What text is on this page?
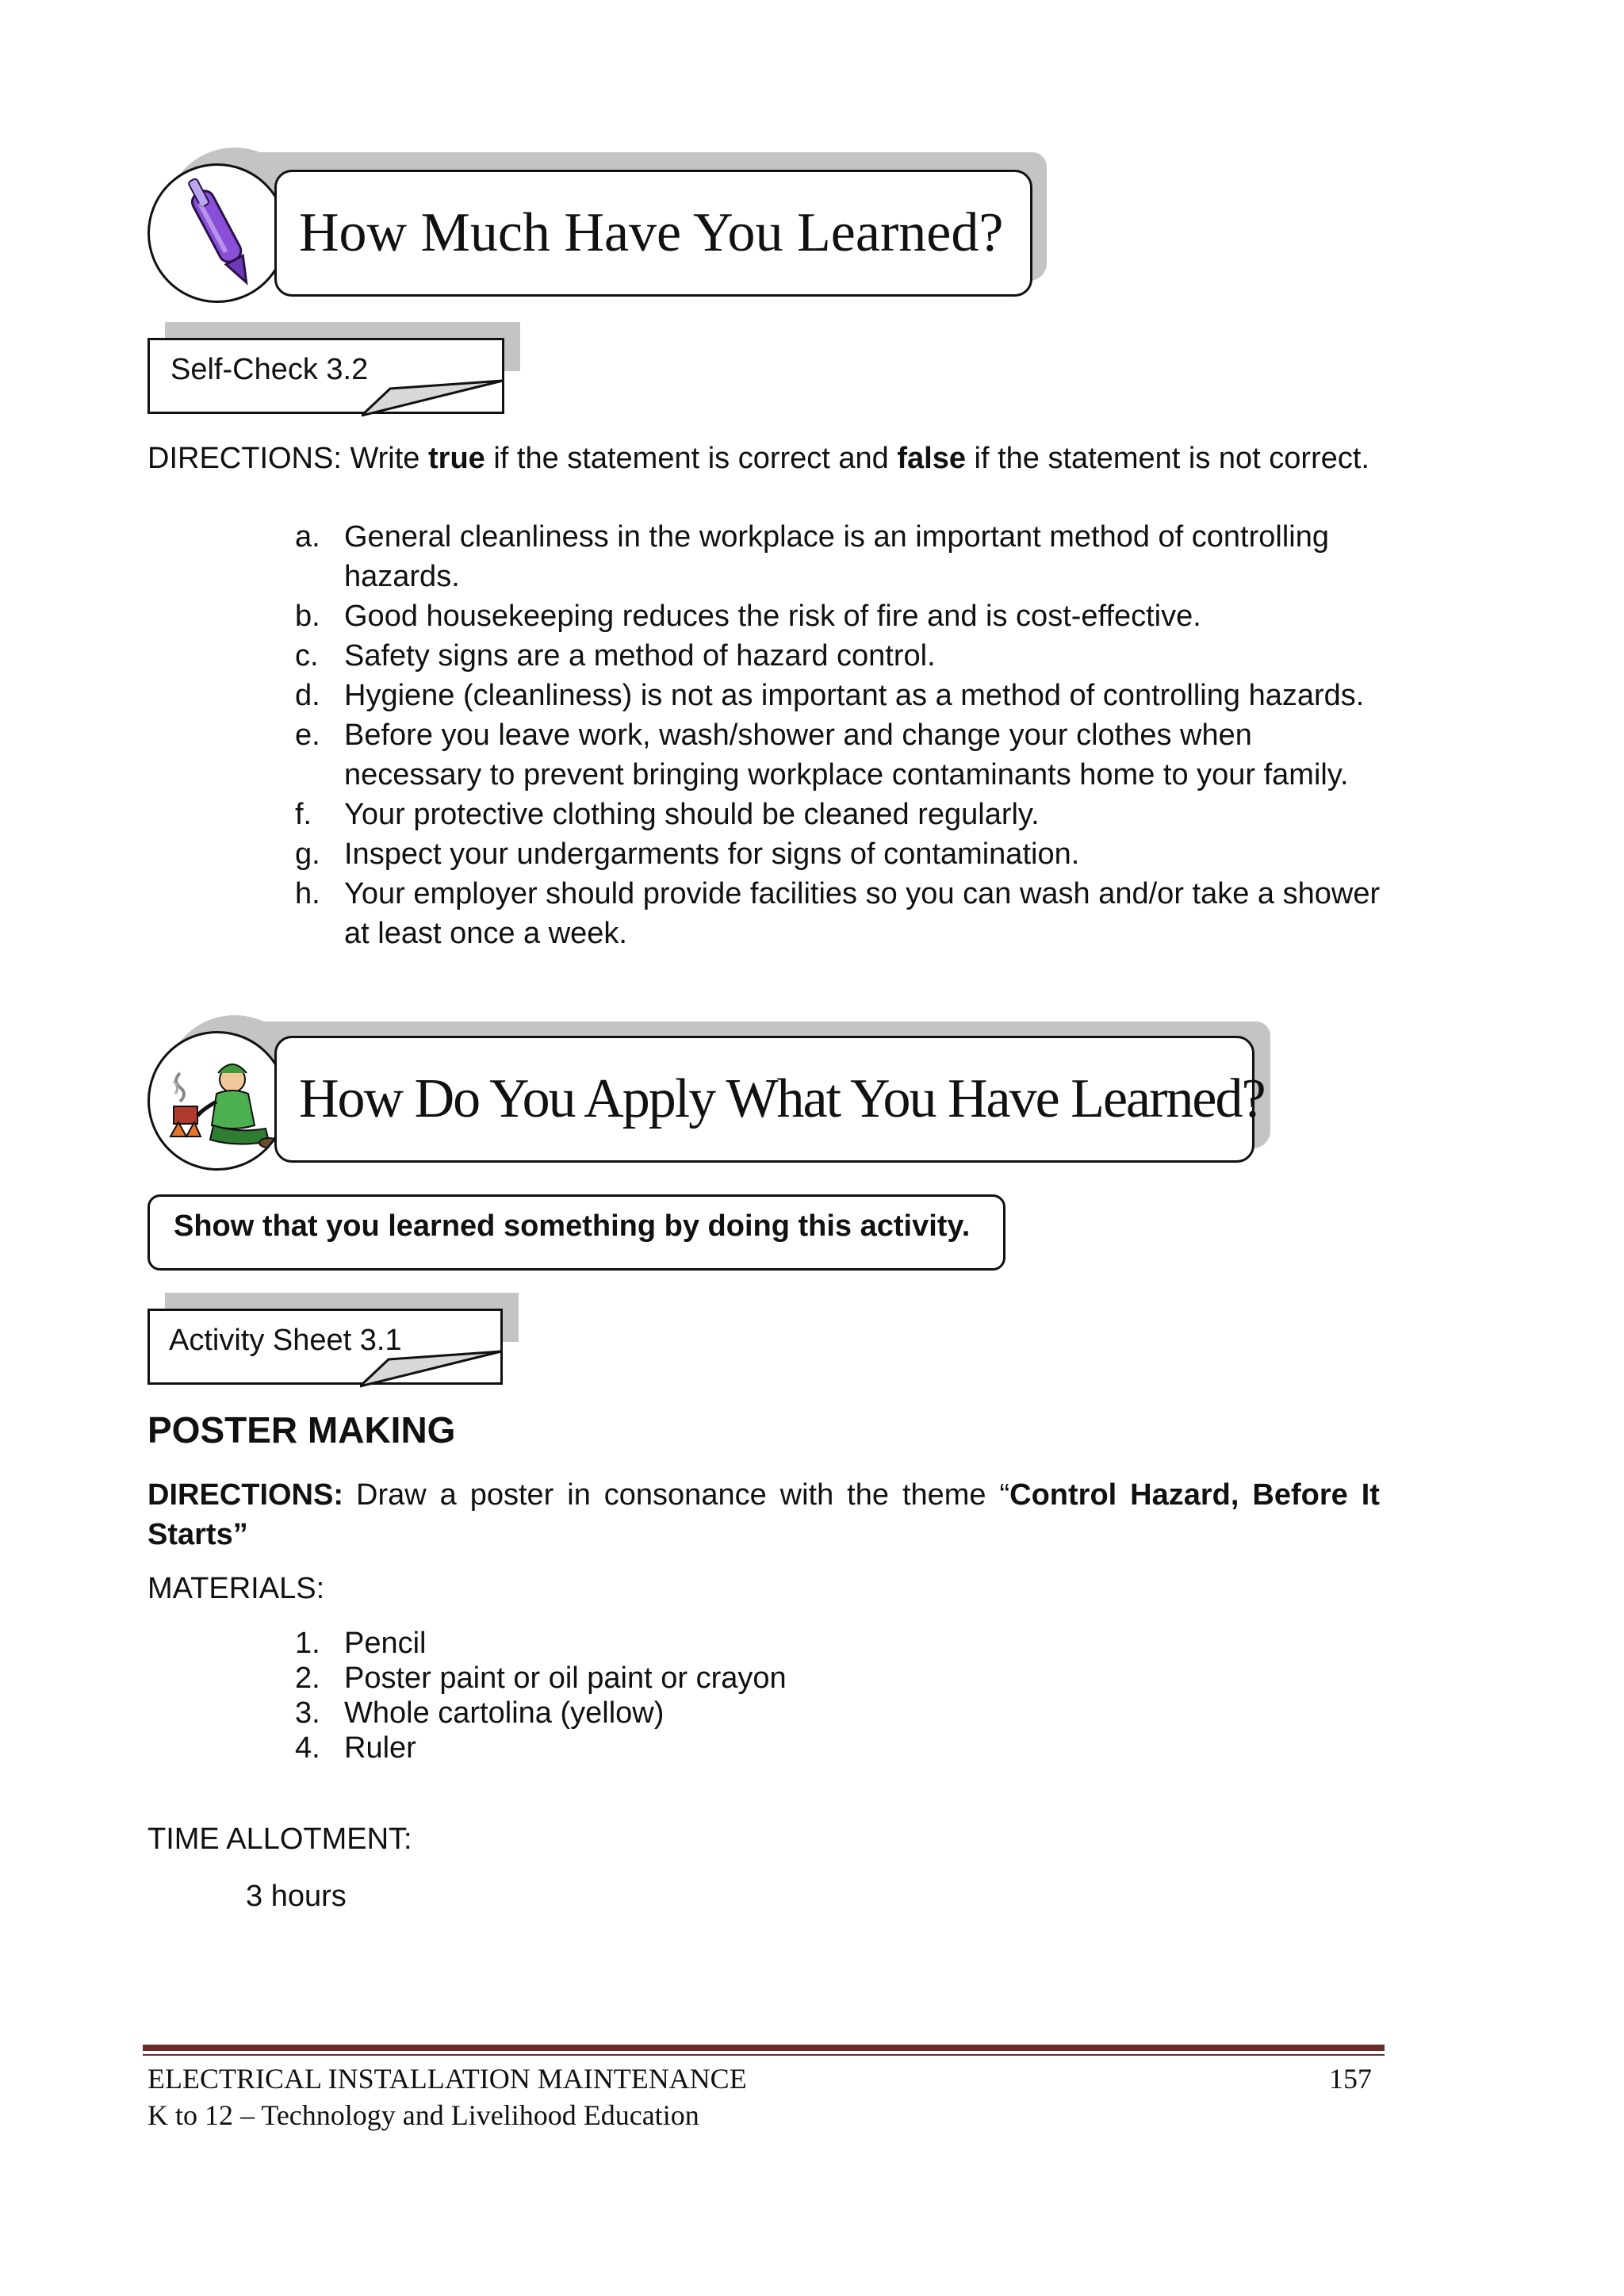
How Much Have You Learned?
Self-Check 3.2
DIRECTIONS: Write true if the statement is correct and false if the statement is not correct.
a. General cleanliness in the workplace is an important method of controlling
hazards.
b. Good housekeeping reduces the risk of fire and is cost-effective.
c. Safety signs are a method of hazard control.
d. Hygiene (cleanliness) is not as important as a method of controlling hazards.
e. Before you leave work, wash/shower and change your clothes when
necessary to prevent bringing workplace contaminants home to your family.
f. Your protective clothing should be cleaned regularly.
g. Inspect your undergarments for signs of contamination.
h. Your employer should provide facilities so you can wash and/or take a shower
at least once a week.
How Do You Apply What You Have Learned?
Show that you learned something by doing this activity.
Activity Sheet 3.1
POSTER MAKING
DIRECTIONS: Draw a poster in consonance with the theme “Control Hazard, Before It
Starts”
MATERIALS:
1. Pencil
2. Poster paint or oil paint or crayon
3. Whole cartolina (yellow)
4. Ruler
TIME ALLOTMENT:
3 hours
ELECTRICAL INSTALLATION MAINTENANCE
K to 12 – Technology and Livelihood Education
157
